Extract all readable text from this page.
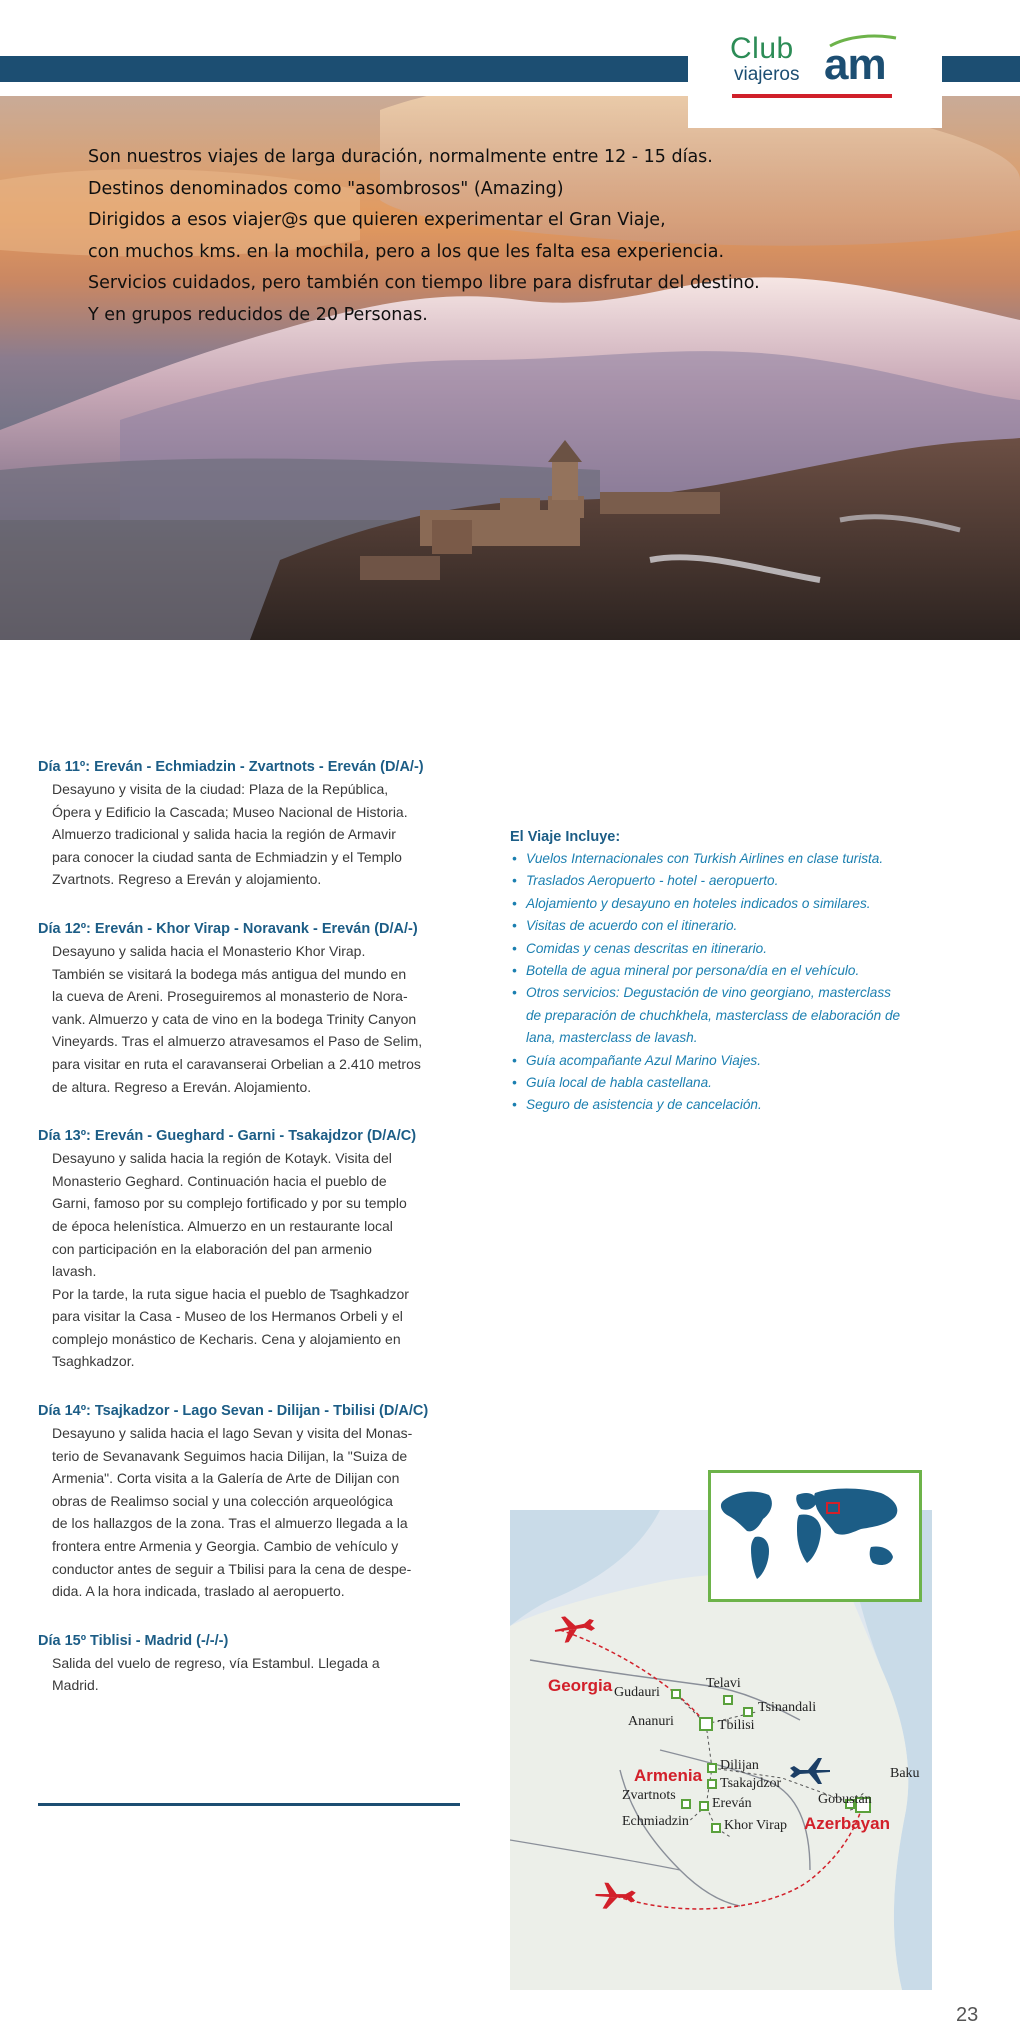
Club
viajeros am

Son nuestros viajes de larga duración, normalmente entre 12 - 15 días.

Destinos denominados como "asombrosos" (Amazing)

Dirigidos a esos viajer@s que quieren experimentar el Gran Viaje,

con muchos kms. en la mochila, pero a los que les falta esa experiencia.

Servicios cuidados, pero también con tiempo libre para disfrutar del destino.

Y en grupos reducidos de 20 Personas.

Día 11º: Ereván - Echmiadzin - Zvartnots - Ereván (D/A/-)
Desayuno y visita de la ciudad: Plaza de la República,
Ópera y Edificio la Cascada; Museo Nacional de Historia.
Almuerzo tradicional y salida hacia la región de Armavir
para conocer la ciudad santa de Echmiadzin y el Templo
Zvartnots. Regreso a Ereván y alojamiento.
Día 12º: Ereván - Khor Virap - Noravank - Ereván (D/A/-)
Desayuno y salida hacia el Monasterio Khor Virap.
También se visitará la bodega más antigua del mundo en
la cueva de Areni. Proseguiremos al monasterio de Nora-
vank. Almuerzo y cata de vino en la bodega Trinity Canyon
Vineyards. Tras el almuerzo atravesamos el Paso de Selim,
para visitar en ruta el caravanserai Orbelian a 2.410 metros
de altura. Regreso a Ereván. Alojamiento.
Día 13º: Ereván - Gueghard - Garni - Tsakajdzor (D/A/C)
Desayuno y salida hacia la región de Kotayk. Visita del
Monasterio Geghard. Continuación hacia el pueblo de
Garni, famoso por su complejo fortificado y por su templo
de época helenística. Almuerzo en un restaurante local
con participación en la elaboración del pan armenio
lavash.
Por la tarde, la ruta sigue hacia el pueblo de Tsaghkadzor
para visitar la Casa - Museo de los Hermanos Orbeli y el
complejo monástico de Kecharis. Cena y alojamiento en
Tsaghkadzor.
Día 14º: Tsajkadzor - Lago Sevan - Dilijan - Tbilisi (D/A/C)
Desayuno y salida hacia el lago Sevan y visita del Monas-
terio de Sevanavank Seguimos hacia Dilijan, la "Suiza de
Armenia". Corta visita a la Galería de Arte de Dilijan con
obras de Realimso social y una colección arqueológica
de los hallazgos de la zona. Tras el almuerzo llegada a la
frontera entre Armenia y Georgia. Cambio de vehículo y
conductor antes de seguir a Tbilisi para la cena de despe-
dida. A la hora indicada, traslado al aeropuerto.
Día 15º Tiblisi - Madrid (-/-/-)
Salida del vuelo de regreso, vía Estambul. Llegada a
Madrid.
El Viaje Incluye:
• Vuelos Internacionales con Turkish Airlines en clase turista.
• Traslados Aeropuerto - hotel - aeropuerto.
• Alojamiento y desayuno en hoteles indicados o similares.
• Visitas de acuerdo con el itinerario.
• Comidas y cenas descritas en itinerario.
• Botella de agua mineral por persona/día en el vehículo.
• Otros servicios: Degustación de vino georgiano, masterclass
de preparación de chuchkhela, masterclass de elaboración de
lana, masterclass de lavash.
• Guía acompañante Azul Marino Viajes.
• Guía local de habla castellana.
• Seguro de asistencia y de cancelación.
Georgia
Armenia
Azerbayan
Gudauri
Telavi
Tsinandali
Ananuri	Tbilisi
Dilijan
Tsakajdzor
Zvartnots
Ereván
Echmiadzin	Khor Virap
Baku
Gobustán
23
